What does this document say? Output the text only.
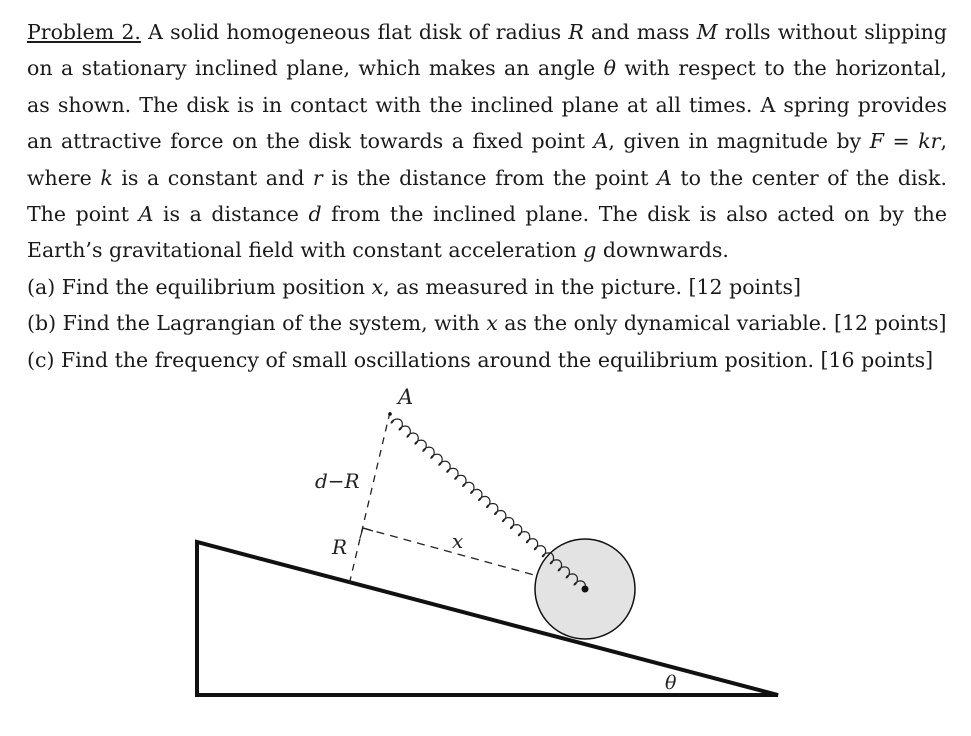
Problem 2. A solid homogeneous flat disk of radius R and mass M rolls without slipping on a stationary inclined plane, which makes an angle θ with respect to the horizontal, as shown. The disk is in contact with the inclined plane at all times. A spring provides an attractive force on the disk towards a fixed point A, given in magnitude by F = kr, where k is a constant and r is the distance from the point A to the center of the disk. The point A is a distance d from the inclined plane. The disk is also acted on by the Earth’s gravitational field with constant acceleration g downwards.
(a) Find the equilibrium position x, as measured in the picture. [12 points]
(b) Find the Lagrangian of the system, with x as the only dynamical variable. [12 points]
(c) Find the frequency of small oscillations around the equilibrium position. [16 points]
A
d−R
R	x
θ
